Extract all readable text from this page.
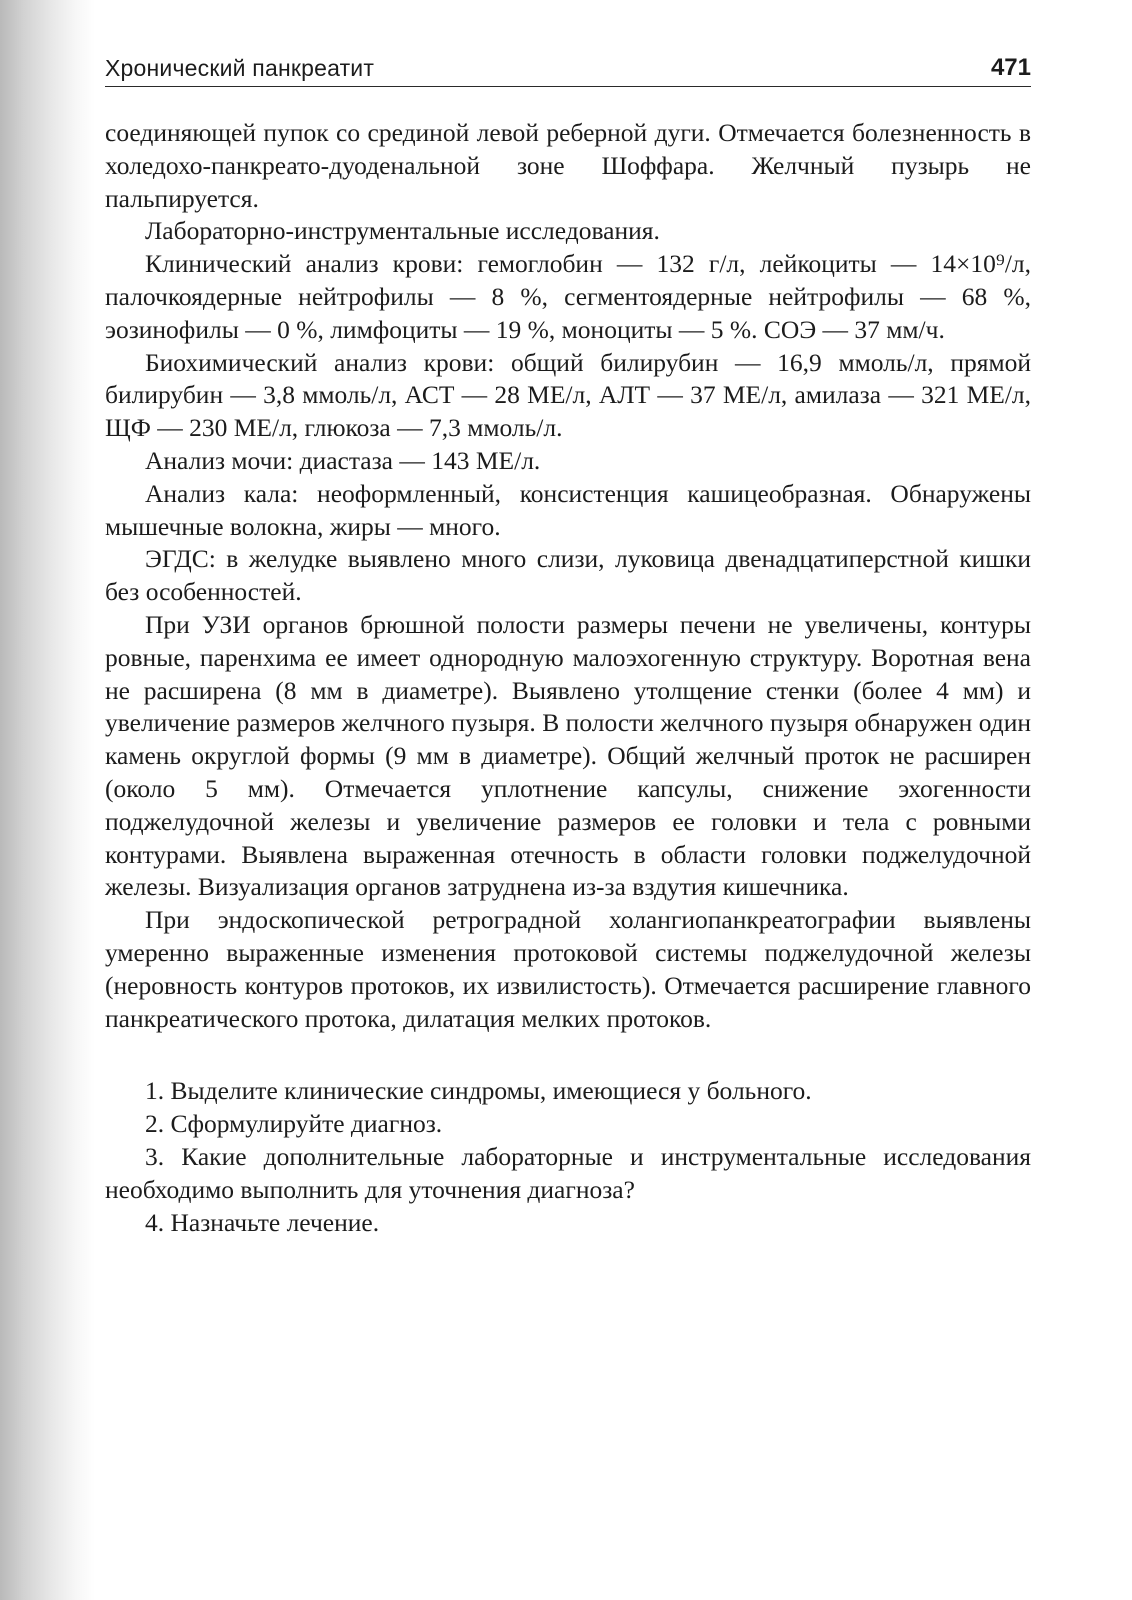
Хронический панкреатит	471

соединяющей пупок со срединой левой реберной дуги. Отмечается болезненность в холедохо-панкреато-дуоденальной зоне Шоффара. Желчный пузырь не пальпируется.

Лабораторно-инструментальные исследования.

Клинический анализ крови: гемоглобин — 132 г/л, лейкоциты — 14×10⁹/л, палочкоядерные нейтрофилы — 8 %, сегментоядерные нейтрофилы — 68 %, эозинофилы — 0 %, лимфоциты — 19 %, моноциты — 5 %. СОЭ — 37 мм/ч.

Биохимический анализ крови: общий билирубин — 16,9 ммоль/л, прямой билирубин — 3,8 ммоль/л, АСТ — 28 МЕ/л, АЛТ — 37 МЕ/л, амилаза — 321 МЕ/л, ЩФ — 230 МЕ/л, глюкоза — 7,3 ммоль/л.

Анализ мочи: диастаза — 143 МЕ/л.

Анализ кала: неоформленный, консистенция кашицеобразная. Обнаружены мышечные волокна, жиры — много.

ЭГДС: в желудке выявлено много слизи, луковица двенадцатиперстной кишки без особенностей.

При УЗИ органов брюшной полости размеры печени не увеличены, контуры ровные, паренхима ее имеет однородную малоэхогенную структуру. Воротная вена не расширена (8 мм в диаметре). Выявлено утолщение стенки (более 4 мм) и увеличение размеров желчного пузыря. В полости желчного пузыря обнаружен один камень округлой формы (9 мм в диаметре). Общий желчный проток не расширен (около 5 мм). Отмечается уплотнение капсулы, снижение эхогенности поджелудочной железы и увеличение размеров ее головки и тела с ровными контурами. Выявлена выраженная отечность в области головки поджелудочной железы. Визуализация органов затруднена из-за вздутия кишечника.

При эндоскопической ретроградной холангиопанкреатографии выявлены умеренно выраженные изменения протоковой системы поджелудочной железы (неровность контуров протоков, их извилистость). Отмечается расширение главного панкреатического протока, дилатация мелких протоков.

1. Выделите клинические синдромы, имеющиеся у больного.

2. Сформулируйте диагноз.

3. Какие дополнительные лабораторные и инструментальные исследования необходимо выполнить для уточнения диагноза?

4. Назначьте лечение.
